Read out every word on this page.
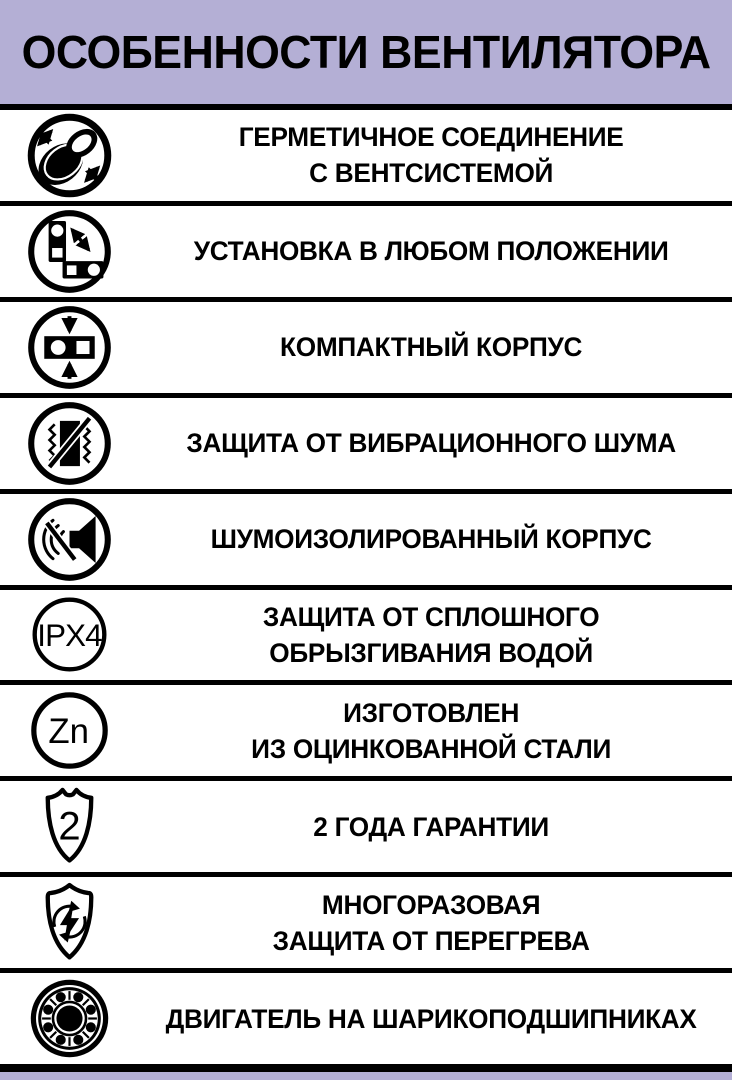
ОСОБЕННОСТИ ВЕНТИЛЯТОРА
ГЕРМЕТИЧНОЕ СОЕДИНЕНИЕ
С ВЕНТСИСТЕМОЙ
УСТАНОВКА В ЛЮБОМ ПОЛОЖЕНИИ
КОМПАКТНЫЙ КОРПУС
ЗАЩИТА ОТ ВИБРАЦИОННОГО ШУМА
ШУМОИЗОЛИРОВАННЫЙ КОРПУС
IPX4
ЗАЩИТА ОТ СПЛОШНОГО
ОБРЫЗГИВАНИЯ ВОДОЙ
Zn	ИЗГОТОВЛЕН
ИЗ ОЦИНКОВАННОЙ СТАЛИ
2	2 ГОДА ГАРАНТИИ
МНОГОРАЗОВАЯ
ЗАЩИТА ОТ ПЕРЕГРЕВА
ДВИГАТЕЛЬ НА ШАРИКОПОДШИПНИКАХ
